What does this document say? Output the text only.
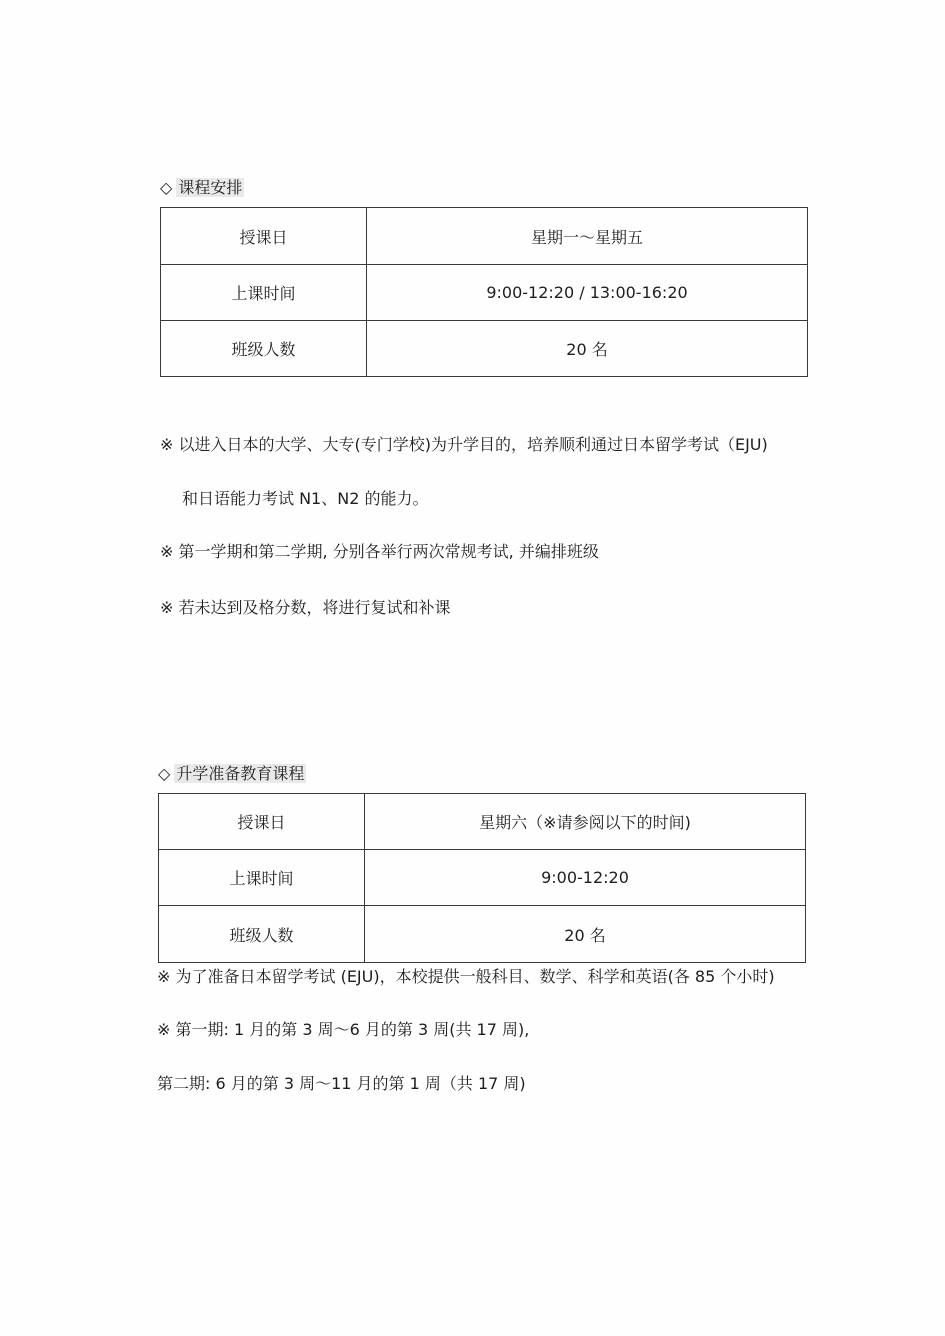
◇ 课程安排
授课日	星期一～星期五
上课时间	9:00-12:20 / 13:00-16:20
班级人数	20 名
※ 以进入日本的大学、大专(专门学校)为升学目的，培养顺利通过日本留学考试（EJU)
和日语能力考试 N1、N2 的能力。
※ 第一学期和第二学期, 分别各举行两次常规考试, 并编排班级
※ 若未达到及格分数，将进行复试和补课
◇ 升学准备教育课程
授课日	星期六（※请参阅以下的时间)
上课时间	9:00-12:20
班级人数	20 名
※ 为了准备日本留学考试 (EJU)，本校提供一般科目、数学、科学和英语(各 85 个小时)
※ 第一期: 1 月的第 3 周～6 月的第 3 周(共 17 周),
第二期: 6 月的第 3 周～11 月的第 1 周（共 17 周)
